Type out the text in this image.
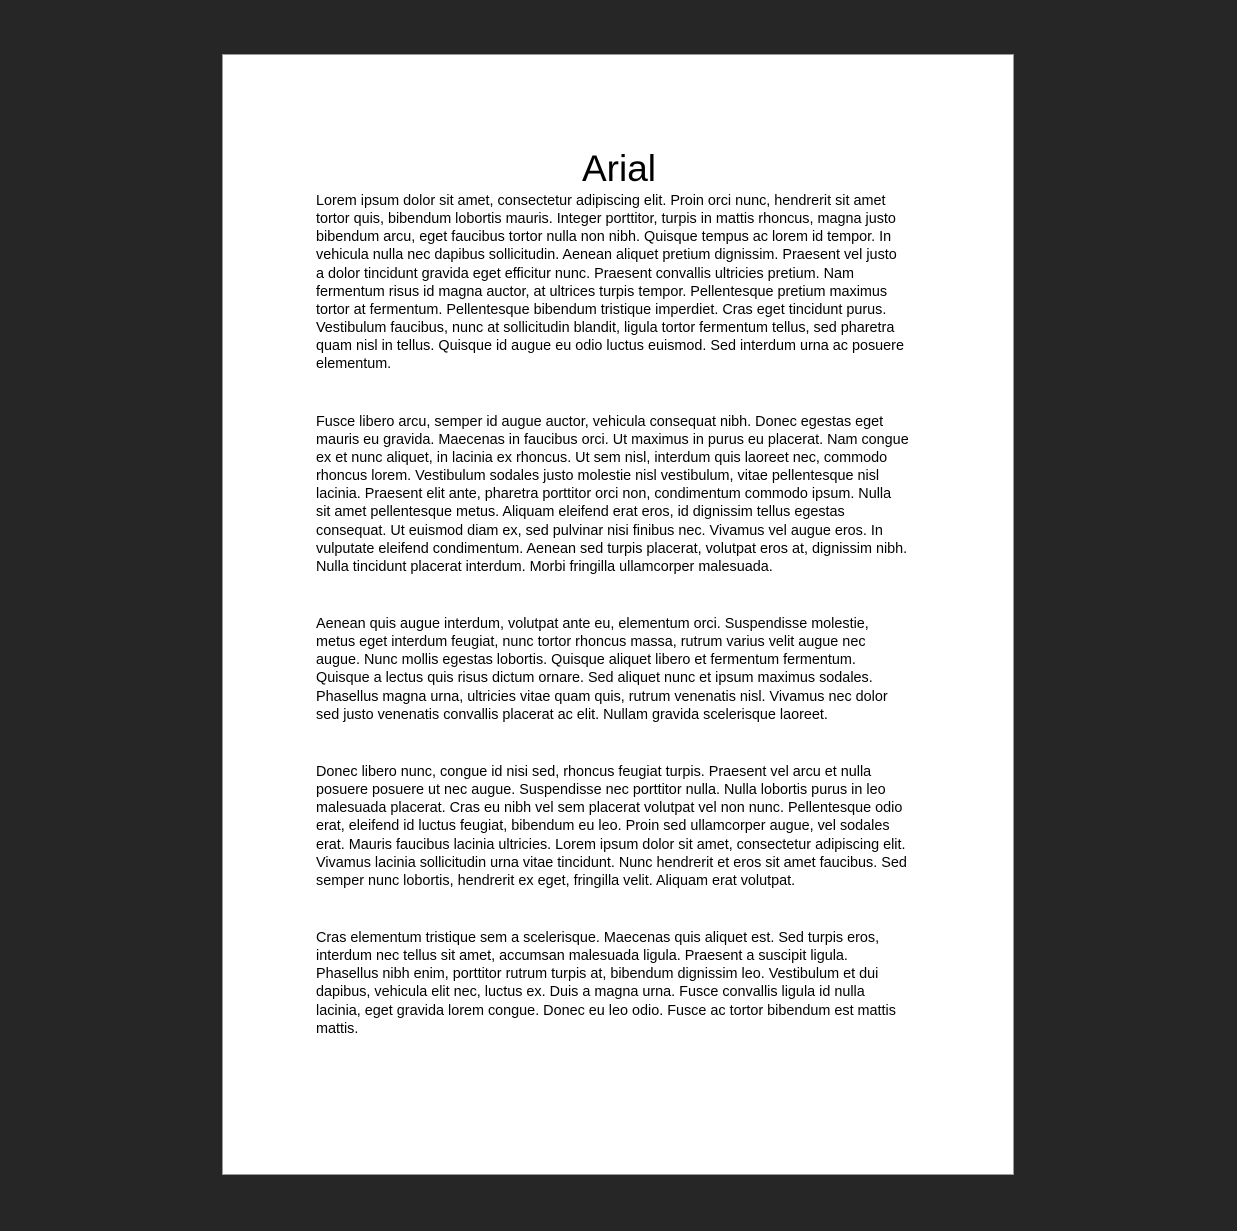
Arial

Lorem ipsum dolor sit amet, consectetur adipiscing elit. Proin orci nunc, hendrerit sit amet
tortor quis, bibendum lobortis mauris. Integer porttitor, turpis in mattis rhoncus, magna justo
bibendum arcu, eget faucibus tortor nulla non nibh. Quisque tempus ac lorem id tempor. In
vehicula nulla nec dapibus sollicitudin. Aenean aliquet pretium dignissim. Praesent vel justo
a dolor tincidunt gravida eget efficitur nunc. Praesent convallis ultricies pretium. Nam
fermentum risus id magna auctor, at ultrices turpis tempor. Pellentesque pretium maximus
tortor at fermentum. Pellentesque bibendum tristique imperdiet. Cras eget tincidunt purus.
Vestibulum faucibus, nunc at sollicitudin blandit, ligula tortor fermentum tellus, sed pharetra
quam nisl in tellus. Quisque id augue eu odio luctus euismod. Sed interdum urna ac posuere
elementum.

Fusce libero arcu, semper id augue auctor, vehicula consequat nibh. Donec egestas eget
mauris eu gravida. Maecenas in faucibus orci. Ut maximus in purus eu placerat. Nam congue
ex et nunc aliquet, in lacinia ex rhoncus. Ut sem nisl, interdum quis laoreet nec, commodo
rhoncus lorem. Vestibulum sodales justo molestie nisl vestibulum, vitae pellentesque nisl
lacinia. Praesent elit ante, pharetra porttitor orci non, condimentum commodo ipsum. Nulla
sit amet pellentesque metus. Aliquam eleifend erat eros, id dignissim tellus egestas
consequat. Ut euismod diam ex, sed pulvinar nisi finibus nec. Vivamus vel augue eros. In
vulputate eleifend condimentum. Aenean sed turpis placerat, volutpat eros at, dignissim nibh.
Nulla tincidunt placerat interdum. Morbi fringilla ullamcorper malesuada.

Aenean quis augue interdum, volutpat ante eu, elementum orci. Suspendisse molestie,
metus eget interdum feugiat, nunc tortor rhoncus massa, rutrum varius velit augue nec
augue. Nunc mollis egestas lobortis. Quisque aliquet libero et fermentum fermentum.
Quisque a lectus quis risus dictum ornare. Sed aliquet nunc et ipsum maximus sodales.
Phasellus magna urna, ultricies vitae quam quis, rutrum venenatis nisl. Vivamus nec dolor
sed justo venenatis convallis placerat ac elit. Nullam gravida scelerisque laoreet.

Donec libero nunc, congue id nisi sed, rhoncus feugiat turpis. Praesent vel arcu et nulla
posuere posuere ut nec augue. Suspendisse nec porttitor nulla. Nulla lobortis purus in leo
malesuada placerat. Cras eu nibh vel sem placerat volutpat vel non nunc. Pellentesque odio
erat, eleifend id luctus feugiat, bibendum eu leo. Proin sed ullamcorper augue, vel sodales
erat. Mauris faucibus lacinia ultricies. Lorem ipsum dolor sit amet, consectetur adipiscing elit.
Vivamus lacinia sollicitudin urna vitae tincidunt. Nunc hendrerit et eros sit amet faucibus. Sed
semper nunc lobortis, hendrerit ex eget, fringilla velit. Aliquam erat volutpat.

Cras elementum tristique sem a scelerisque. Maecenas quis aliquet est. Sed turpis eros,
interdum nec tellus sit amet, accumsan malesuada ligula. Praesent a suscipit ligula.
Phasellus nibh enim, porttitor rutrum turpis at, bibendum dignissim leo. Vestibulum et dui
dapibus, vehicula elit nec, luctus ex. Duis a magna urna. Fusce convallis ligula id nulla
lacinia, eget gravida lorem congue. Donec eu leo odio. Fusce ac tortor bibendum est mattis
mattis.
